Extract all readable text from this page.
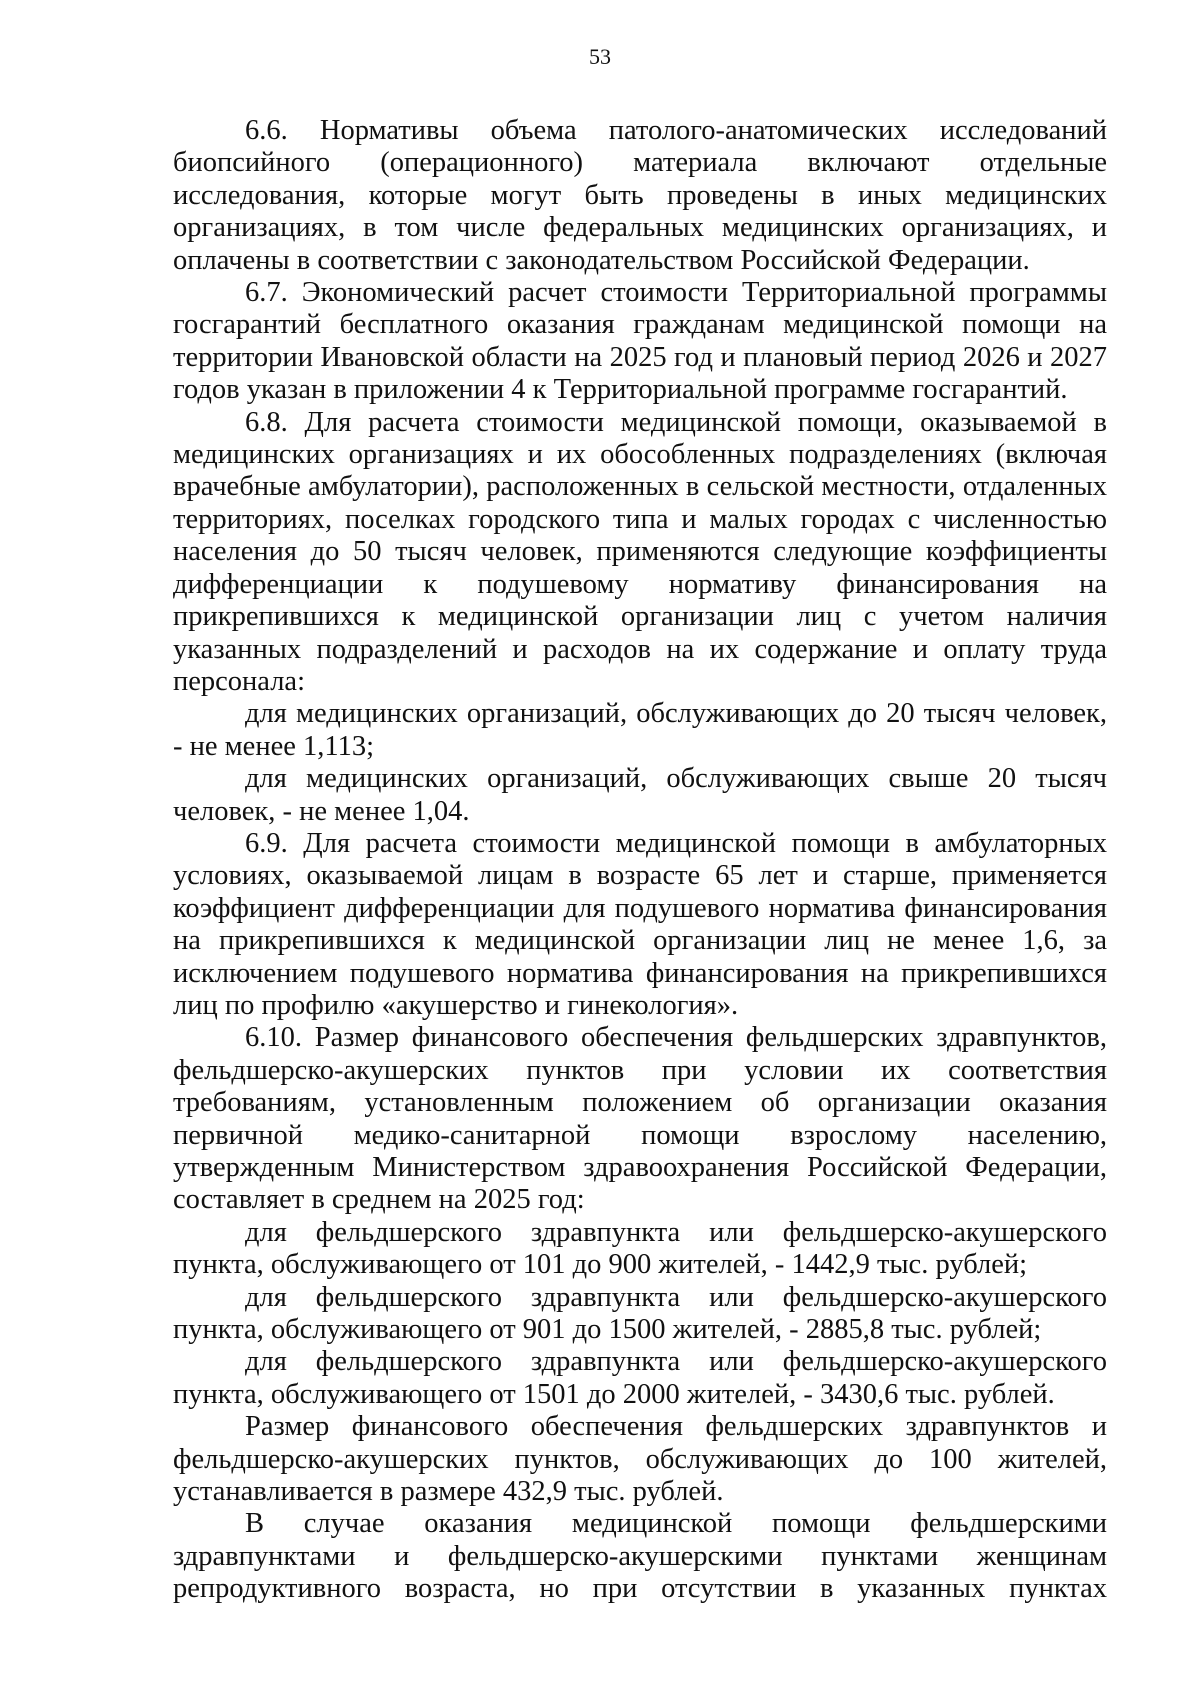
53

6.6. Нормативы объема патолого-анатомических исследований биопсийного (операционного) материала включают отдельные исследования, которые могут быть проведены в иных медицинских организациях, в том числе федеральных медицинских организациях, и оплачены в соответствии с законодательством Российской Федерации.

6.7. Экономический расчет стоимости Территориальной программы госгарантий бесплатного оказания гражданам медицинской помощи на территории Ивановской области на 2025 год и плановый период 2026 и 2027 годов указан в приложении 4 к Территориальной программе госгарантий.

6.8. Для расчета стоимости медицинской помощи, оказываемой в медицинских организациях и их обособленных подразделениях (включая врачебные амбулатории), расположенных в сельской местности, отдаленных территориях, поселках городского типа и малых городах с численностью населения до 50 тысяч человек, применяются следующие коэффициенты дифференциации к подушевому нормативу финансирования на прикрепившихся к медицинской организации лиц с учетом наличия указанных подразделений и расходов на их содержание и оплату труда персонала:

для медицинских организаций, обслуживающих до 20 тысяч человек, - не менее 1,113;

для медицинских организаций, обслуживающих свыше 20 тысяч человек, - не менее 1,04.

6.9. Для расчета стоимости медицинской помощи в амбулаторных условиях, оказываемой лицам в возрасте 65 лет и старше, применяется коэффициент дифференциации для подушевого норматива финансирования на прикрепившихся к медицинской организации лиц не менее 1,6, за исключением подушевого норматива финансирования на прикрепившихся лиц по профилю «акушерство и гинекология».

6.10. Размер финансового обеспечения фельдшерских здравпунктов, фельдшерско-акушерских пунктов при условии их соответствия требованиям, установленным положением об организации оказания первичной медико-санитарной помощи взрослому населению, утвержденным Министерством здравоохранения Российской Федерации, составляет в среднем на 2025 год:

для фельдшерского здравпункта или фельдшерско-акушерского пункта, обслуживающего от 101 до 900 жителей, - 1442,9 тыс. рублей;

для фельдшерского здравпункта или фельдшерско-акушерского пункта, обслуживающего от 901 до 1500 жителей, - 2885,8 тыс. рублей;

для фельдшерского здравпункта или фельдшерско-акушерского пункта, обслуживающего от 1501 до 2000 жителей, - 3430,6 тыс. рублей.

Размер финансового обеспечения фельдшерских здравпунктов и фельдшерско-акушерских пунктов, обслуживающих до 100 жителей, устанавливается в размере 432,9 тыс. рублей.

В случае оказания медицинской помощи фельдшерскими здравпунктами и фельдшерско-акушерскими пунктами женщинам репродуктивного возраста, но при отсутствии в указанных пунктах
